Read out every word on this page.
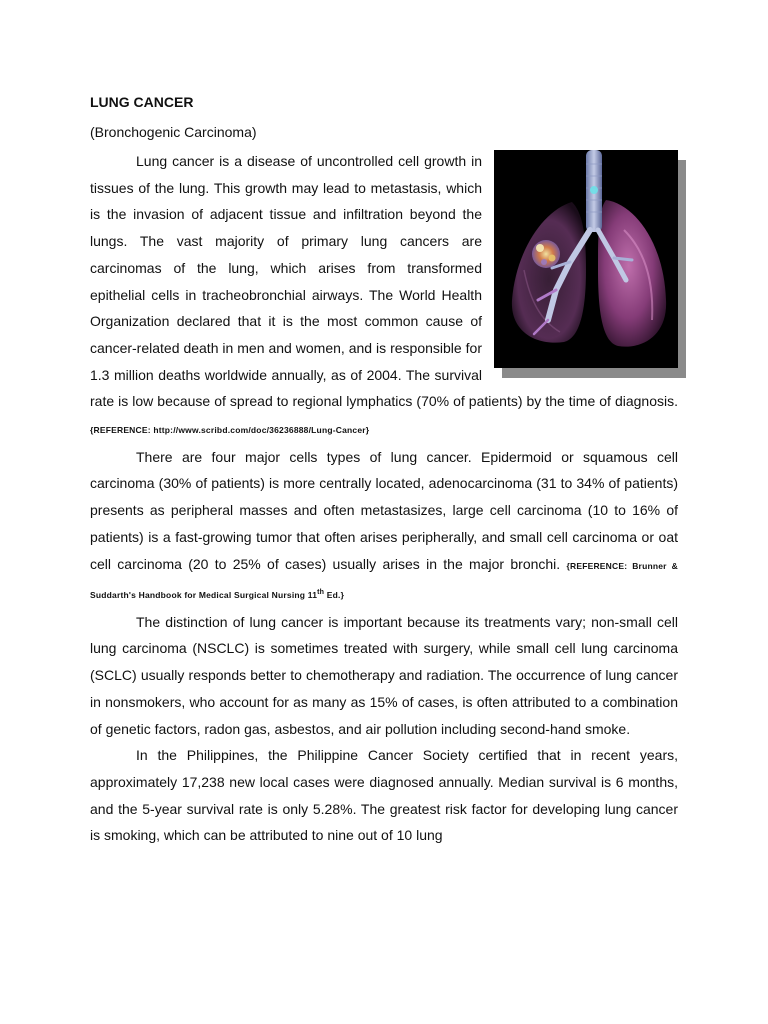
LUNG CANCER
(Bronchogenic Carcinoma)

Lung cancer is a disease of uncontrolled cell growth in tissues of the lung. This growth may lead to metastasis, which is the invasion of adjacent tissue and infiltration beyond the lungs. The vast majority of primary lung cancers are carcinomas of the lung, which arises from transformed epithelial cells in tracheobronchial airways. The World Health Organization declared that it is the most common cause of cancer-related death in men and women, and is responsible for 1.3 million deaths worldwide annually, as of 2004. The survival rate is low because of spread to regional lymphatics (70% of patients) by the time of diagnosis. {REFERENCE: http://www.scribd.com/doc/36236888/Lung-Cancer}

There are four major cells types of lung cancer. Epidermoid or squamous cell carcinoma (30% of patients) is more centrally located, adenocarcinoma (31 to 34% of patients) presents as peripheral masses and often metastasizes, large cell carcinoma (10 to 16% of patients) is a fast-growing tumor that often arises peripherally, and small cell carcinoma or oat cell carcinoma (20 to 25% of cases) usually arises in the major bronchi. {REFERENCE: Brunner & Suddarth's Handbook for Medical Surgical Nursing 11th Ed.}

The distinction of lung cancer is important because its treatments vary; non-small cell lung carcinoma (NSCLC) is sometimes treated with surgery, while small cell lung carcinoma (SCLC) usually responds better to chemotherapy and radiation. The occurrence of lung cancer in nonsmokers, who account for as many as 15% of cases, is often attributed to a combination of genetic factors, radon gas, asbestos, and air pollution including second-hand smoke.

In the Philippines, the Philippine Cancer Society certified that in recent years, approximately 17,238 new local cases were diagnosed annually. Median survival is 6 months, and the 5-year survival rate is only 5.28%. The greatest risk factor for developing lung cancer is smoking, which can be attributed to nine out of 10 lung
